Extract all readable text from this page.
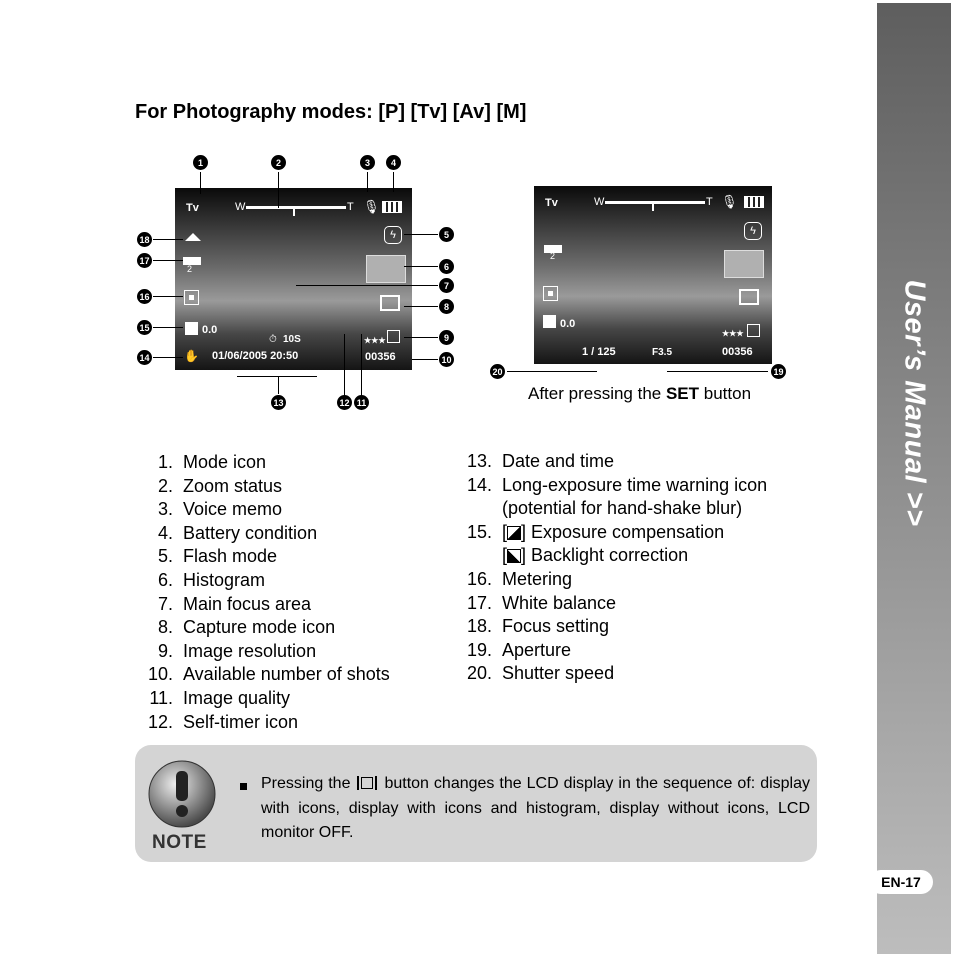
User’s Manual >>
For Photography modes: [P] [Tv] [Av] [M]
Tv	W	T 🎙
ϟ
2
0.0
✋ 01/06/2005 20:50
⏱ 10S	★★★
00356
Tv	W	T 🎙
ϟ
2
0.0
★★★
1 / 125	F3.5	00356
1	2	3	4
5
6
7
8
9
10
11
12
13
14
15
16
17
18
19
20
After pressing the SET button
1. Mode icon
2. Zoom status
3. Voice memo
4. Battery condition
5. Flash mode
6. Histogram
7. Main focus area
8. Capture mode icon
9. Image resolution
10. Available number of shots
11. Image quality
12. Self-timer icon
13. Date and time
14. Long-exposure time warning icon
(potential for hand-shake blur)
15. [ ] Exposure compensation
[ ] Backlight correction
16. Metering
17. White balance
18. Focus setting
19. Aperture
20. Shutter speed
NOTE
Pressing the
button changes the LCD display in the sequence of: display with icons, display with icons and histogram, display without icons, LCD monitor OFF.
EN-17
